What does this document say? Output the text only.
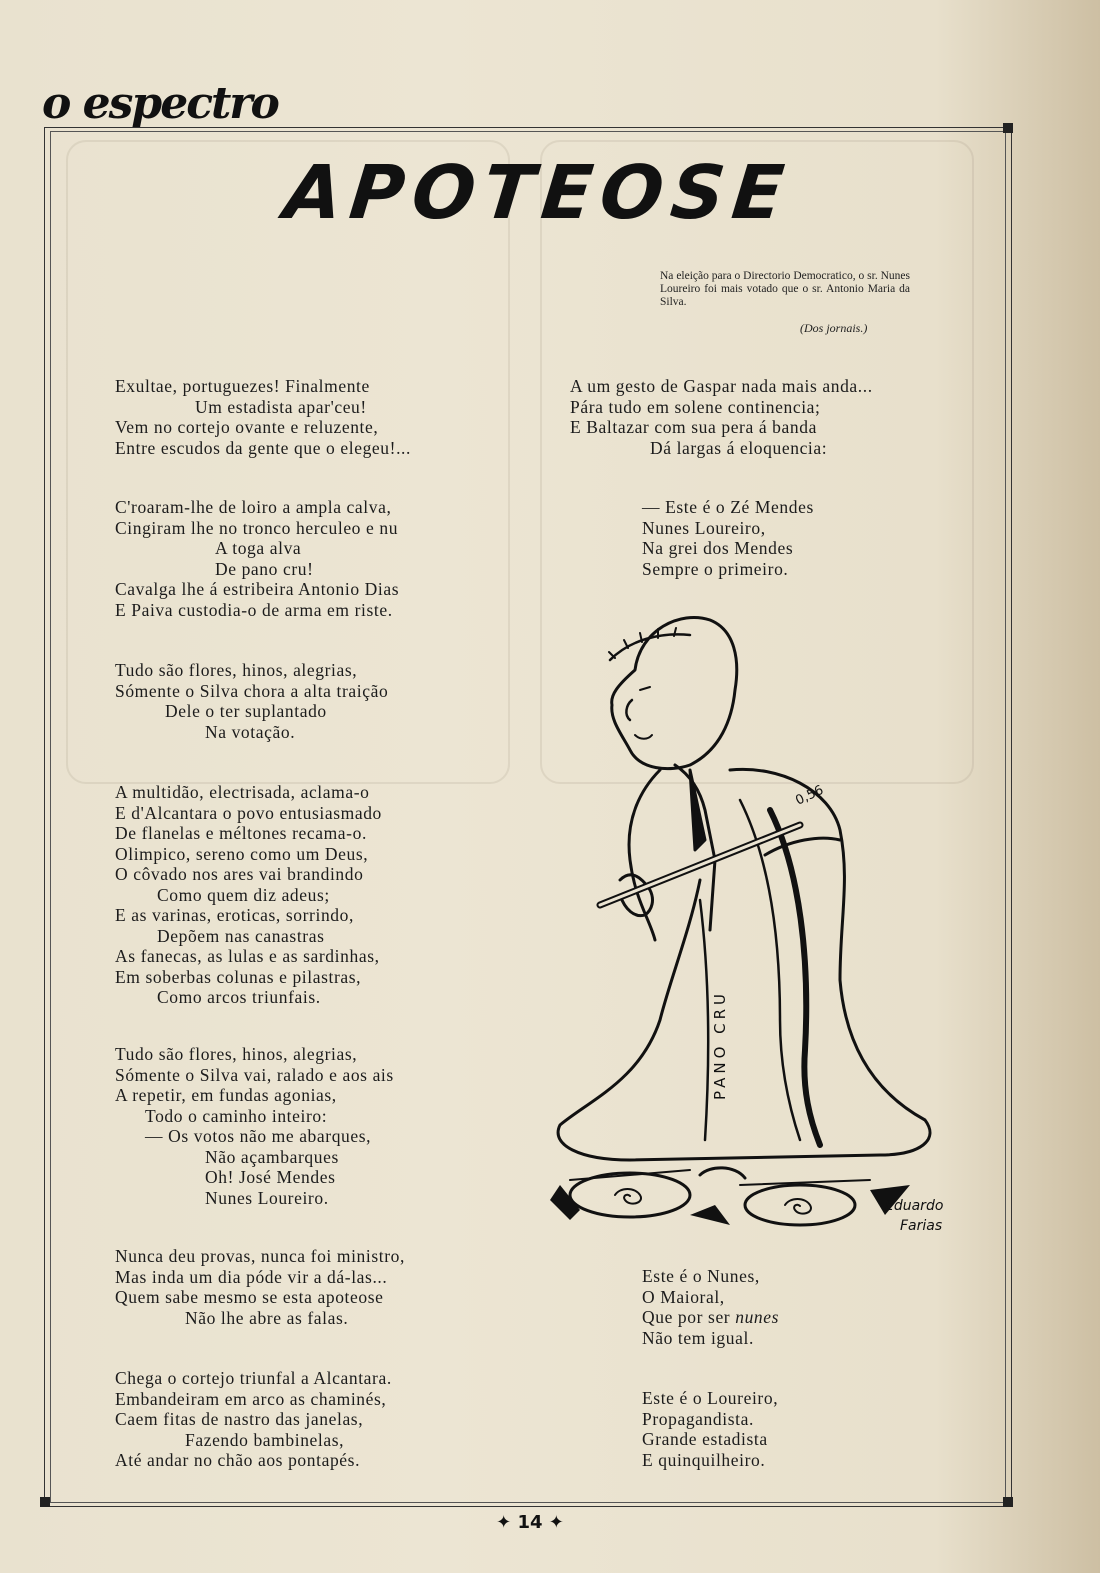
o espectro
APOTEOSE
Na eleição para o Directorio Democratico, o sr. Nunes Loureiro foi mais votado que o sr. Antonio Maria da Silva.
(Dos jornais.)
Exultae, portuguezes! Finalmente
Um estadista apar'ceu!
Vem no cortejo ovante e reluzente,
Entre escudos da gente que o elegeu!...
C'roaram-lhe de loiro a ampla calva,
Cingiram lhe no tronco herculeo e nu
A toga alva
De pano cru!
Cavalga lhe á estribeira Antonio Dias
E Paiva custodia-o de arma em riste.
Tudo são flores, hinos, alegrias,
Sómente o Silva chora a alta traição
Dele o ter suplantado
Na votação.
A multidão, electrisada, aclama-o
E d'Alcantara o povo entusiasmado
De flanelas e méltones recama-o.
Olimpico, sereno como um Deus,
O côvado nos ares vai brandindo
Como quem diz adeus;
E as varinas, eroticas, sorrindo,
Depõem nas canastras
As fanecas, as lulas e as sardinhas,
Em soberbas colunas e pilastras,
Como arcos triunfais.
Tudo são flores, hinos, alegrias,
Sómente o Silva vai, ralado e aos ais
A repetir, em fundas agonias,
Todo o caminho inteiro:
— Os votos não me abarques,
Não açambarques
Oh! José Mendes
Nunes Loureiro.
Nunca deu provas, nunca foi ministro,
Mas inda um dia póde vir a dá-las...
Quem sabe mesmo se esta apoteose
Não lhe abre as falas.
Chega o cortejo triunfal a Alcantara.
Embandeiram em arco as chaminés,
Caem fitas de nastro das janelas,
Fazendo bambinelas,
Até andar no chão aos pontapés.
A um gesto de Gaspar nada mais anda...
Pára tudo em solene continencia;
E Baltazar com sua pera á banda
Dá largas á eloquencia:
— Este é o Zé Mendes
Nunes Loureiro,
Na grei dos Mendes
Sempre o primeiro.
Este é o Nunes,
O Maioral,
Que por ser nunes
Não tem igual.
Este é o Loureiro,
Propagandista.
Grande estadista
E quinquilheiro.
PANO CRU
0,56
Eduardo
Farias
✦ 14 ✦
